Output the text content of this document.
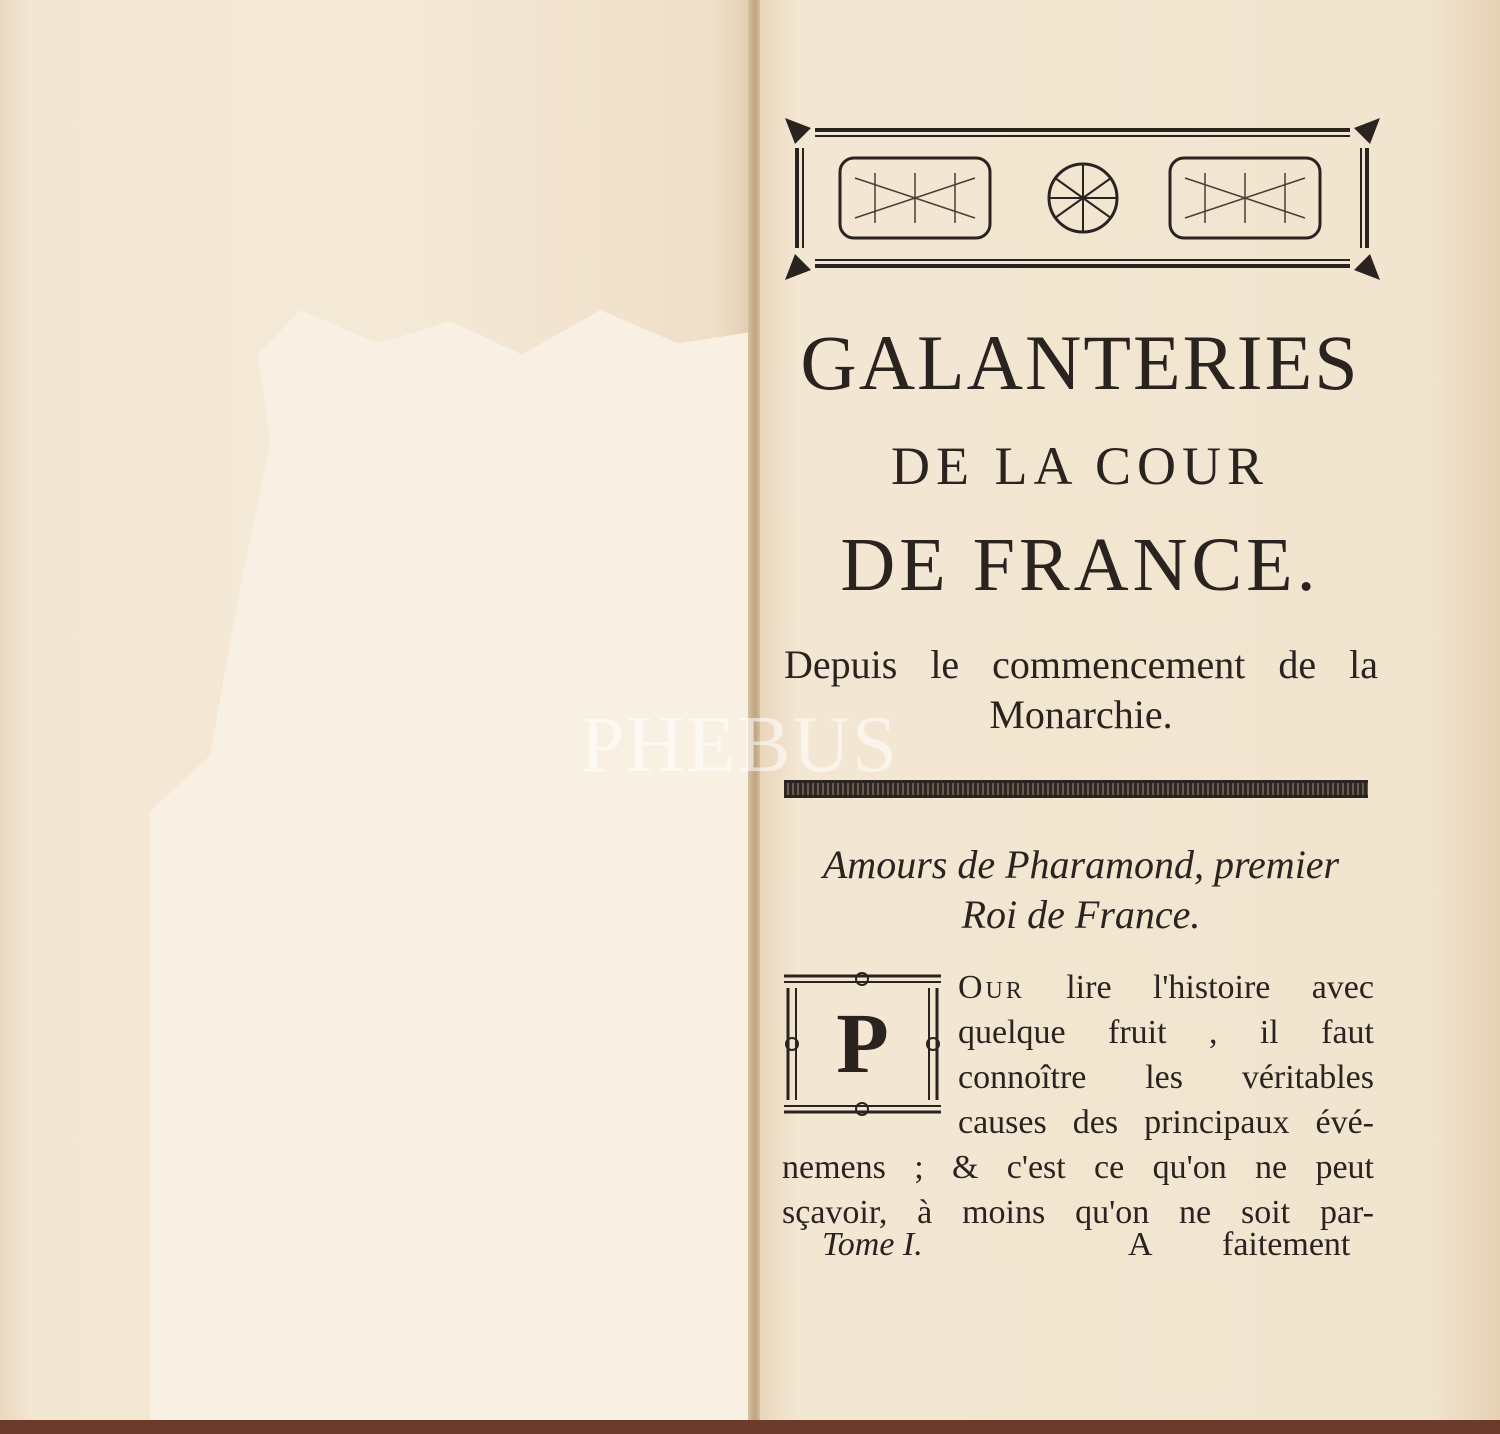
GALANTERIES
DE LA COUR
DE FRANCE.
Depuis le commencement de la Monarchie.
Amours de Pharamond, premier
Roi de France.
P
Our lire l'histoire avec
quelque fruit , il faut
connoître les véritables
causes des principaux évé-
nemens ; & c'est ce qu'on ne peut
sçavoir, à moins qu'on ne soit par-
Tome I.	A faitement
PHEBUS
